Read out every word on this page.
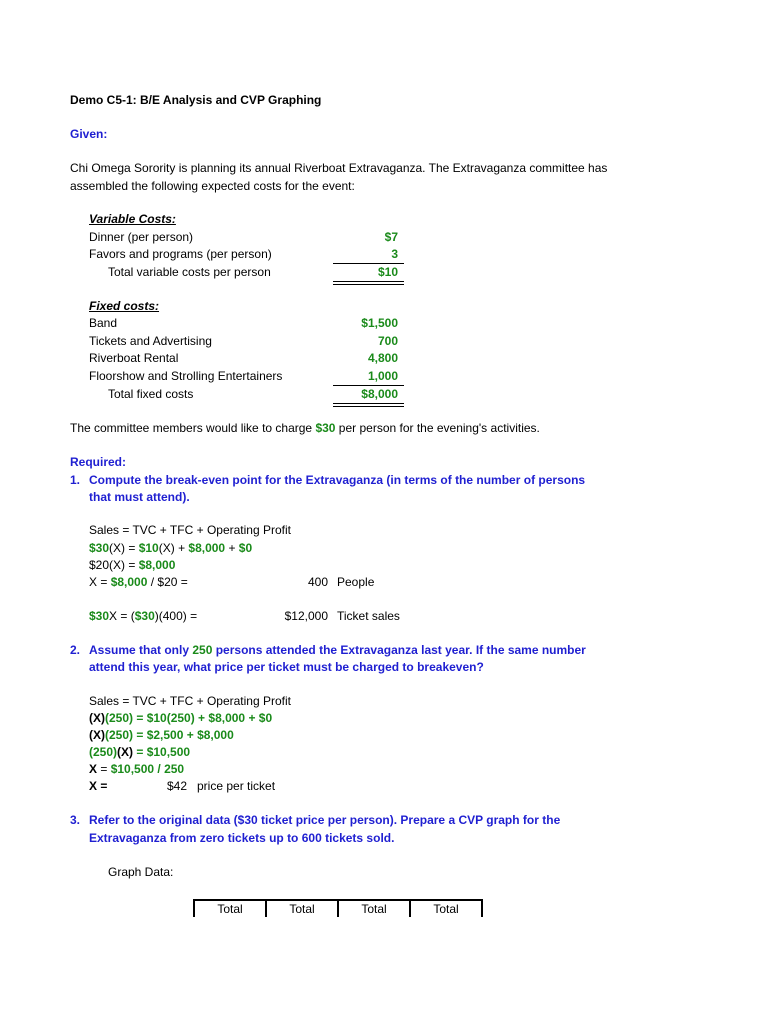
Demo C5-1: B/E Analysis and CVP Graphing
Given:
Chi Omega Sorority is planning its annual Riverboat Extravaganza. The Extravaganza committee has
assembled the following expected costs for the event:
Variable Costs:
Dinner (per person)	$7
Favors and programs (per person)	3
Total variable costs per person	$10
Fixed costs:
Band	$1,500
Tickets and Advertising	700
Riverboat Rental	4,800
Floorshow and Strolling Entertainers	1,000
Total fixed costs	$8,000
The committee members would like to charge $30 per person for the evening's activities.
Required:
1. Compute the break-even point for the Extravaganza (in terms of the number of persons
that must attend).
Sales = TVC + TFC + Operating Profit
$30(X) = $10(X) + $8,000 + $0
$20(X) = $8,000
X = $8,000 / $20 =	400 People
$30X = ($30)(400) =	$12,000 Ticket sales
2. Assume that only 250 persons attended the Extravaganza last year. If the same number
attend this year, what price per ticket must be charged to breakeven?
Sales = TVC + TFC + Operating Profit
(X)(250) = $10(250) + $8,000 + $0
(X)(250) = $2,500 + $8,000
(250)(X) = $10,500
X = $10,500 / 250
X =	$42 price per ticket
3. Refer to the original data ($30 ticket price per person). Prepare a CVP graph for the
Extravaganza from zero tickets up to 600 tickets sold.
Graph Data:
Total	Total	Total	Total
